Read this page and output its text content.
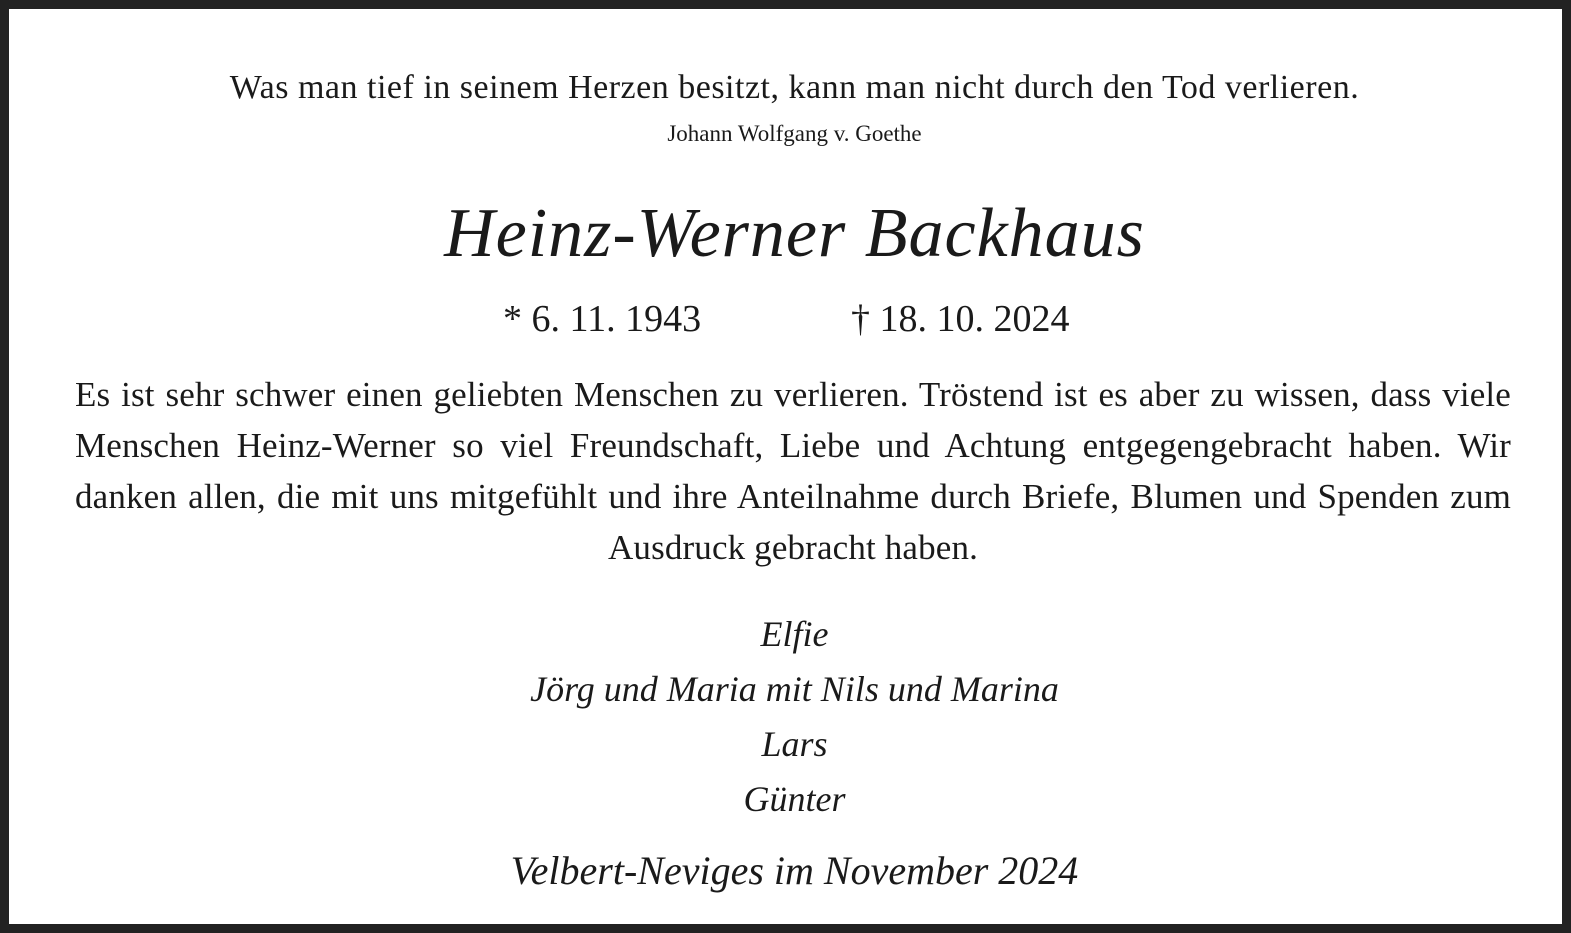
Was man tief in seinem Herzen besitzt, kann man nicht durch den Tod verlieren.
Johann Wolfgang v. Goethe
Heinz-Werner Backhaus
* 6. 11. 1943	† 18. 10. 2024
Es ist sehr schwer einen geliebten Menschen zu verlieren. Tröstend ist es aber zu wissen, dass viele Menschen Heinz-Werner so viel Freundschaft, Liebe und Achtung entgegengebracht haben. Wir danken allen, die mit uns mitgefühlt und ihre Anteilnahme durch Briefe, Blumen und Spenden zum Ausdruck gebracht haben.
Elfie
Jörg und Maria mit Nils und Marina
Lars
Günter
Velbert-Neviges im November 2024
